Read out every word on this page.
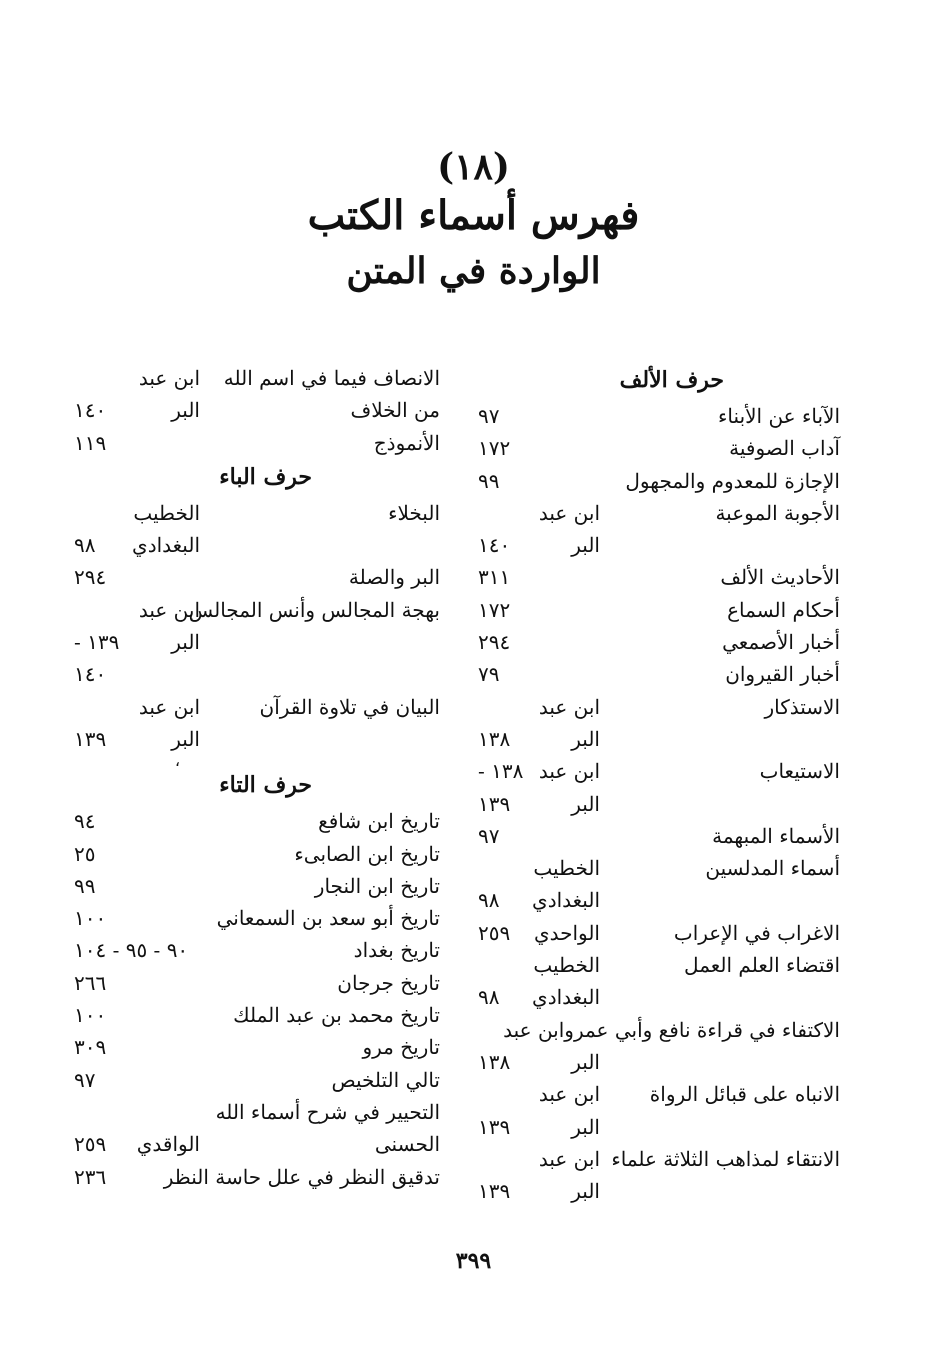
(١٨)
فهرس أسماء الكتب
الواردة في المتن
حرف الألف
الآباء عن الأبناء
٩٧
آداب الصوفية
١٧٢
الإجازة للمعدوم والمجهول
٩٩
الأجوبة الموعبة
ابن عبد
البر
١٤٠
الأحاديث الألف
٣١١
أحكام السماع
١٧٢
أخبار الأصمعي
٢٩٤
أخبار القيروان
٧٩
الاستذكار
ابن عبد
البر
١٣٨
الاستيعاب
ابن عبد
١٣٨ -
البر
١٣٩
الأسماء المبهمة
٩٧
أسماء المدلسين
الخطيب
البغدادي
٩٨
الاغراب في الإعراب
الواحدي
٢٥٩
اقتضاء العلم العمل
الخطيب
البغدادي
٩٨
الاكتفاء في قراءة نافع وأبي عمروابن عبد
البر
١٣٨
الانباه على قبائل الرواة
ابن عبد
البر
١٣٩
الانتقاء لمذاهب الثلاثة علماء
ابن عبد
البر
١٣٩
الانصاف فيما في اسم الله
ابن عبد
من الخلاف
البر
١٤٠
الأنموذج
١١٩
حرف الباء
البخلاء
الخطيب
البغدادي
٩٨
البر والصلة
٢٩٤
بهجة المجالس وأنس المجالس
ابن عبد
البر
١٣٩ -
١٤٠
البيان في تلاوة القرآن
ابن عبد
البر
١٣٩
،
حرف التاء
تاريخ ابن شافع
٩٤
تاريخ ابن الصابىء
٢٥
تاريخ ابن النجار
٩٩
تاريخ أبو سعد بن السمعاني
١٠٠
تاريخ بغداد
٩٠ - ٩٥ - ١٠٤
تاريخ جرجان
٢٦٦
تاريخ محمد بن عبد الملك
١٠٠
تاريخ مرو
٣٠٩
تالي التلخيص
٩٧
التحيير في شرح أسماء الله
الحسنى
الواقدي
٢٥٩
تدقيق النظر في علل حاسة النظر
٢٣٦
٣٩٩
